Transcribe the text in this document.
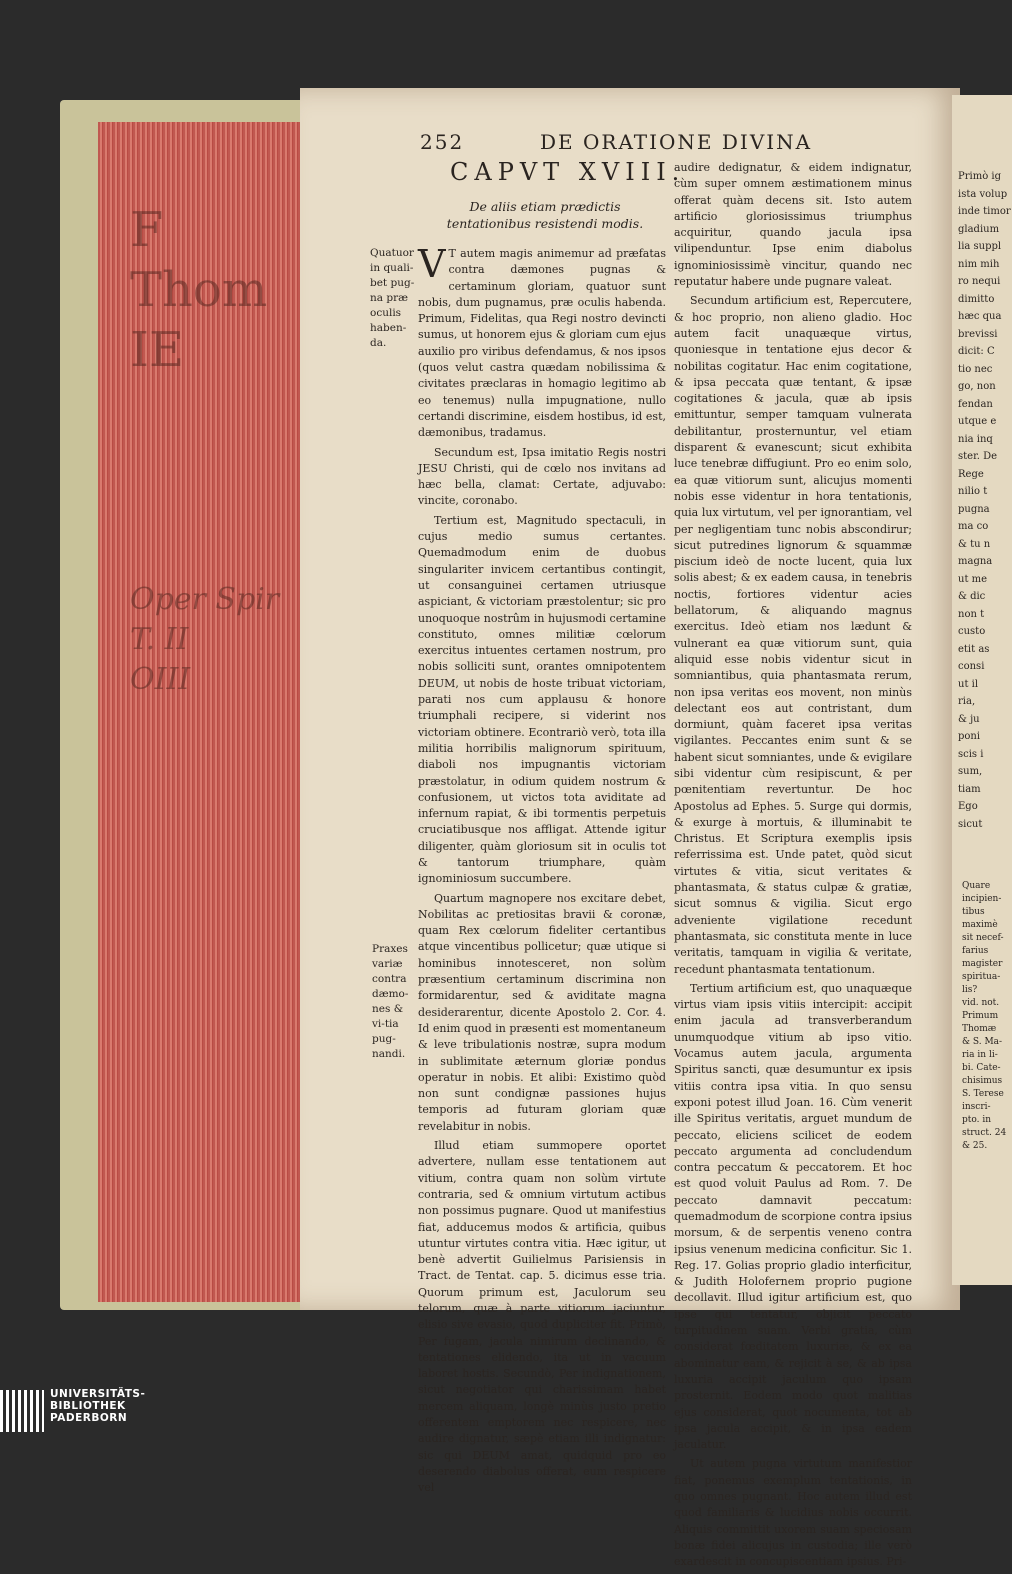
F
Thom IE
Oper Spir
T. II
OIII
252	DE ORATIONE DIVINA
CAPVT XVIII.
De aliis etiam prædictis tentationibus resistendi modis.
Quatuor in quali-bet pug-na præ oculis haben-da.
Praxes variæ contra dæmo-nes & vi-tia pug-nandi.

V T autem magis animemur ad præfatas contra dæmones pugnas & certaminum gloriam, quatuor sunt nobis, dum pugnamus, præ oculis habenda. Primum, Fidelitas, qua Regi nostro devincti sumus, ut honorem ejus & gloriam cum ejus auxilio pro viribus defendamus, & nos ipsos (quos velut castra quædam nobilissima & civitates præclaras in homagio legitimo ab eo tenemus) nulla impugnatione, nullo certandi discrimine, eisdem hostibus, id est, dæmonibus, tradamus.

Secundum est, Ipsa imitatio Regis nostri JESU Christi, qui de cœlo nos invitans ad hæc bella, clamat: Certate, adjuvabo: vincite, coronabo.

Tertium est, Magnitudo spectaculi, in cujus medio sumus certantes. Quemadmodum enim de duobus singulariter invicem certantibus contingit, ut consanguinei certamen utriusque aspiciant, & victoriam præstolentur; sic pro unoquoque nostrûm in hujusmodi certamine constituto, omnes militiæ cœlorum exercitus intuentes certamen nostrum, pro nobis solliciti sunt, orantes omnipotentem DEUM, ut nobis de hoste tribuat victoriam, parati nos cum applausu & honore triumphali recipere, si viderint nos victoriam obtinere. Econtrariò verò, tota illa militia horribilis malignorum spirituum, diaboli nos impugnantis victoriam præstolatur, in odium quidem nostrum & confusionem, ut victos tota aviditate ad infernum rapiat, & ibi tormentis perpetuis cruciatibusque nos affligat. Attende igitur diligenter, quàm gloriosum sit in oculis tot & tantorum triumphare, quàm ignominiosum succumbere.

Quartum magnopere nos excitare debet, Nobilitas ac pretiositas bravii & coronæ, quam Rex cœlorum fideliter certantibus atque vincentibus pollicetur; quæ utique si hominibus innotesceret, non solùm præsentium certaminum discrimina non formidarentur, sed & aviditate magna desiderarentur, dicente Apostolo 2. Cor. 4. Id enim quod in præsenti est momentaneum & leve tribulationis nostræ, supra modum in sublimitate æternum gloriæ pondus operatur in nobis. Et alibi: Existimo quòd non sunt condignæ passiones hujus temporis ad futuram gloriam quæ revelabitur in nobis.

Illud etiam summopere oportet advertere, nullam esse tentationem aut vitium, contra quam non solùm virtute contraria, sed & omnium virtutum actibus non possimus pugnare. Quod ut manifestius fiat, adducemus modos & artificia, quibus utuntur virtutes contra vitia. Hæc igitur, ut benè advertit Guilielmus Parisiensis in Tract. de Tentat. cap. 5. dicimus esse tria. Quorum primum est, Jaculorum seu telorum, quæ à parte vitiorum jaciuntur, elisio sive evasio, quod dupliciter fit. Primò, Per fugam, jacula nimirum declinando, & tentationes elidendo, ita ut in vacuum laboret hostis. Secundò, Per indignationem, sicut negotiator qui charissimam habet mercem aliquam, longè minùs justo pretio offerentem emptorem nec respicere, nec audire dignatur, sæpè etiam illi indignatur: sic qui DEUM amat, quidquid pro eo deserendo diabolus offerat, eum respicere vel

audire dedignatur, & eidem indignatur, cùm super omnem æstimationem minus offerat quàm decens sit. Isto autem artificio gloriosissimus triumphus acquiritur, quando jacula ipsa vilipenduntur. Ipse enim diabolus ignominiosissimè vincitur, quando nec reputatur habere unde pugnare valeat.

Secundum artificium est, Repercutere, & hoc proprio, non alieno gladio. Hoc autem facit unaquæque virtus, quoniesque in tentatione ejus decor & nobilitas cogitatur. Hac enim cogitatione, & ipsa peccata quæ tentant, & ipsæ cogitationes & jacula, quæ ab ipsis emittuntur, semper tamquam vulnerata debilitantur, prosternuntur, vel etiam disparent & evanescunt; sicut exhibita luce tenebræ diffugiunt. Pro eo enim solo, ea quæ vitiorum sunt, alicujus momenti nobis esse videntur in hora tentationis, quia lux virtutum, vel per ignorantiam, vel per negligentiam tunc nobis abscondirur; sicut putredines lignorum & squammæ piscium ideò de nocte lucent, quia lux solis abest; & ex eadem causa, in tenebris noctis, fortiores videntur acies bellatorum, & aliquando magnus exercitus. Ideò etiam nos lædunt & vulnerant ea quæ vitiorum sunt, quia aliquid esse nobis videntur sicut in somniantibus, quia phantasmata rerum, non ipsa veritas eos movent, non minùs delectant eos aut contristant, dum dormiunt, quàm faceret ipsa veritas vigilantes. Peccantes enim sunt & se habent sicut somniantes, unde & evigilare sibi videntur cùm resipiscunt, & per pœnitentiam revertuntur. De hoc Apostolus ad Ephes. 5. Surge qui dormis, & exurge à mortuis, & illuminabit te Christus. Et Scriptura exemplis ipsis referrissima est. Unde patet, quòd sicut virtutes & vitia, sicut veritates & phantasmata, & status culpæ & gratiæ, sicut somnus & vigilia. Sicut ergo adveniente vigilatione recedunt phantasmata, sic constituta mente in luce veritatis, tamquam in vigilia & veritate, recedunt phantasmata tentationum.

Tertium artificium est, quo unaquæque virtus viam ipsis vitiis intercipit: accipit enim jacula ad transverberandum unumquodque vitium ab ipso vitio. Vocamus autem jacula, argumenta Spiritus sancti, quæ desumuntur ex ipsis vitiis contra ipsa vitia. In quo sensu exponi potest illud Joan. 16. Cùm venerit ille Spiritus veritatis, arguet mundum de peccato, eliciens scilicet de eodem peccato argumenta ad concludendum contra peccatum & peccatorem. Et hoc est quod voluit Paulus ad Rom. 7. De peccato damnavit peccatum: quemadmodum de scorpione contra ipsius morsum, & de serpentis veneno contra ipsius venenum medicina conficitur. Sic 1. Reg. 17. Golias proprio gladio interficitur, & Judith Holofernem proprio pugione decollavit. Illud igitur artificium est, quo ipse qui tentatur, objicit peccato turpitudinem suam. Verbi gratia, cùm considerat fœditatem luxuriæ, & ex ea abominatur eam, & rejicit à se, & ab ipsa luxuria accipit jaculum quo ipsam prosternit. Eodem modo quot malitias ejus considerat, quot nocumenta, tot ab ipsa jacula accipit, & in ipsa eadem jaculatur.

Ut autem pugna virtutum manifestior fiat, ponemus exemplum tentationis, in quo omnes pugnant. Hoc autem illud est quod familiaris & lucidius nobis occurrit. Aliquis committit uxorem suam speciosam bonæ fidei alicujus in custodia; ille verò exardescit in concupiscentiam ipsius. Pri-

Primò ig
ista volup
inde timor
gladium
lia suppl
nim mih
ro nequi
dimitto
hæc qua
brevissi
dicit: C
tio nec
go, non
fendan
utque e
nia inq
ster. De
Rege
nilio t
pugna
ma co
& tu n
magna
ut me
& dic
non t
custo
etit as
consi
ut il
ria,
& ju
poni
scis i
sum,
tiam
Ego
sicut
Quare
incipien-
tibus
maximè
sit necef-
farius
magister
spiritua-
lis?
vid. not.
Primum
Thomæ
& S. Ma-
ria in li-
bi. Cate-
chisimus
S. Terese
inscri-
pto. in
struct. 24
& 25.
UNIVERSITÄTS-
BIBLIOTHEK
PADERBORN
